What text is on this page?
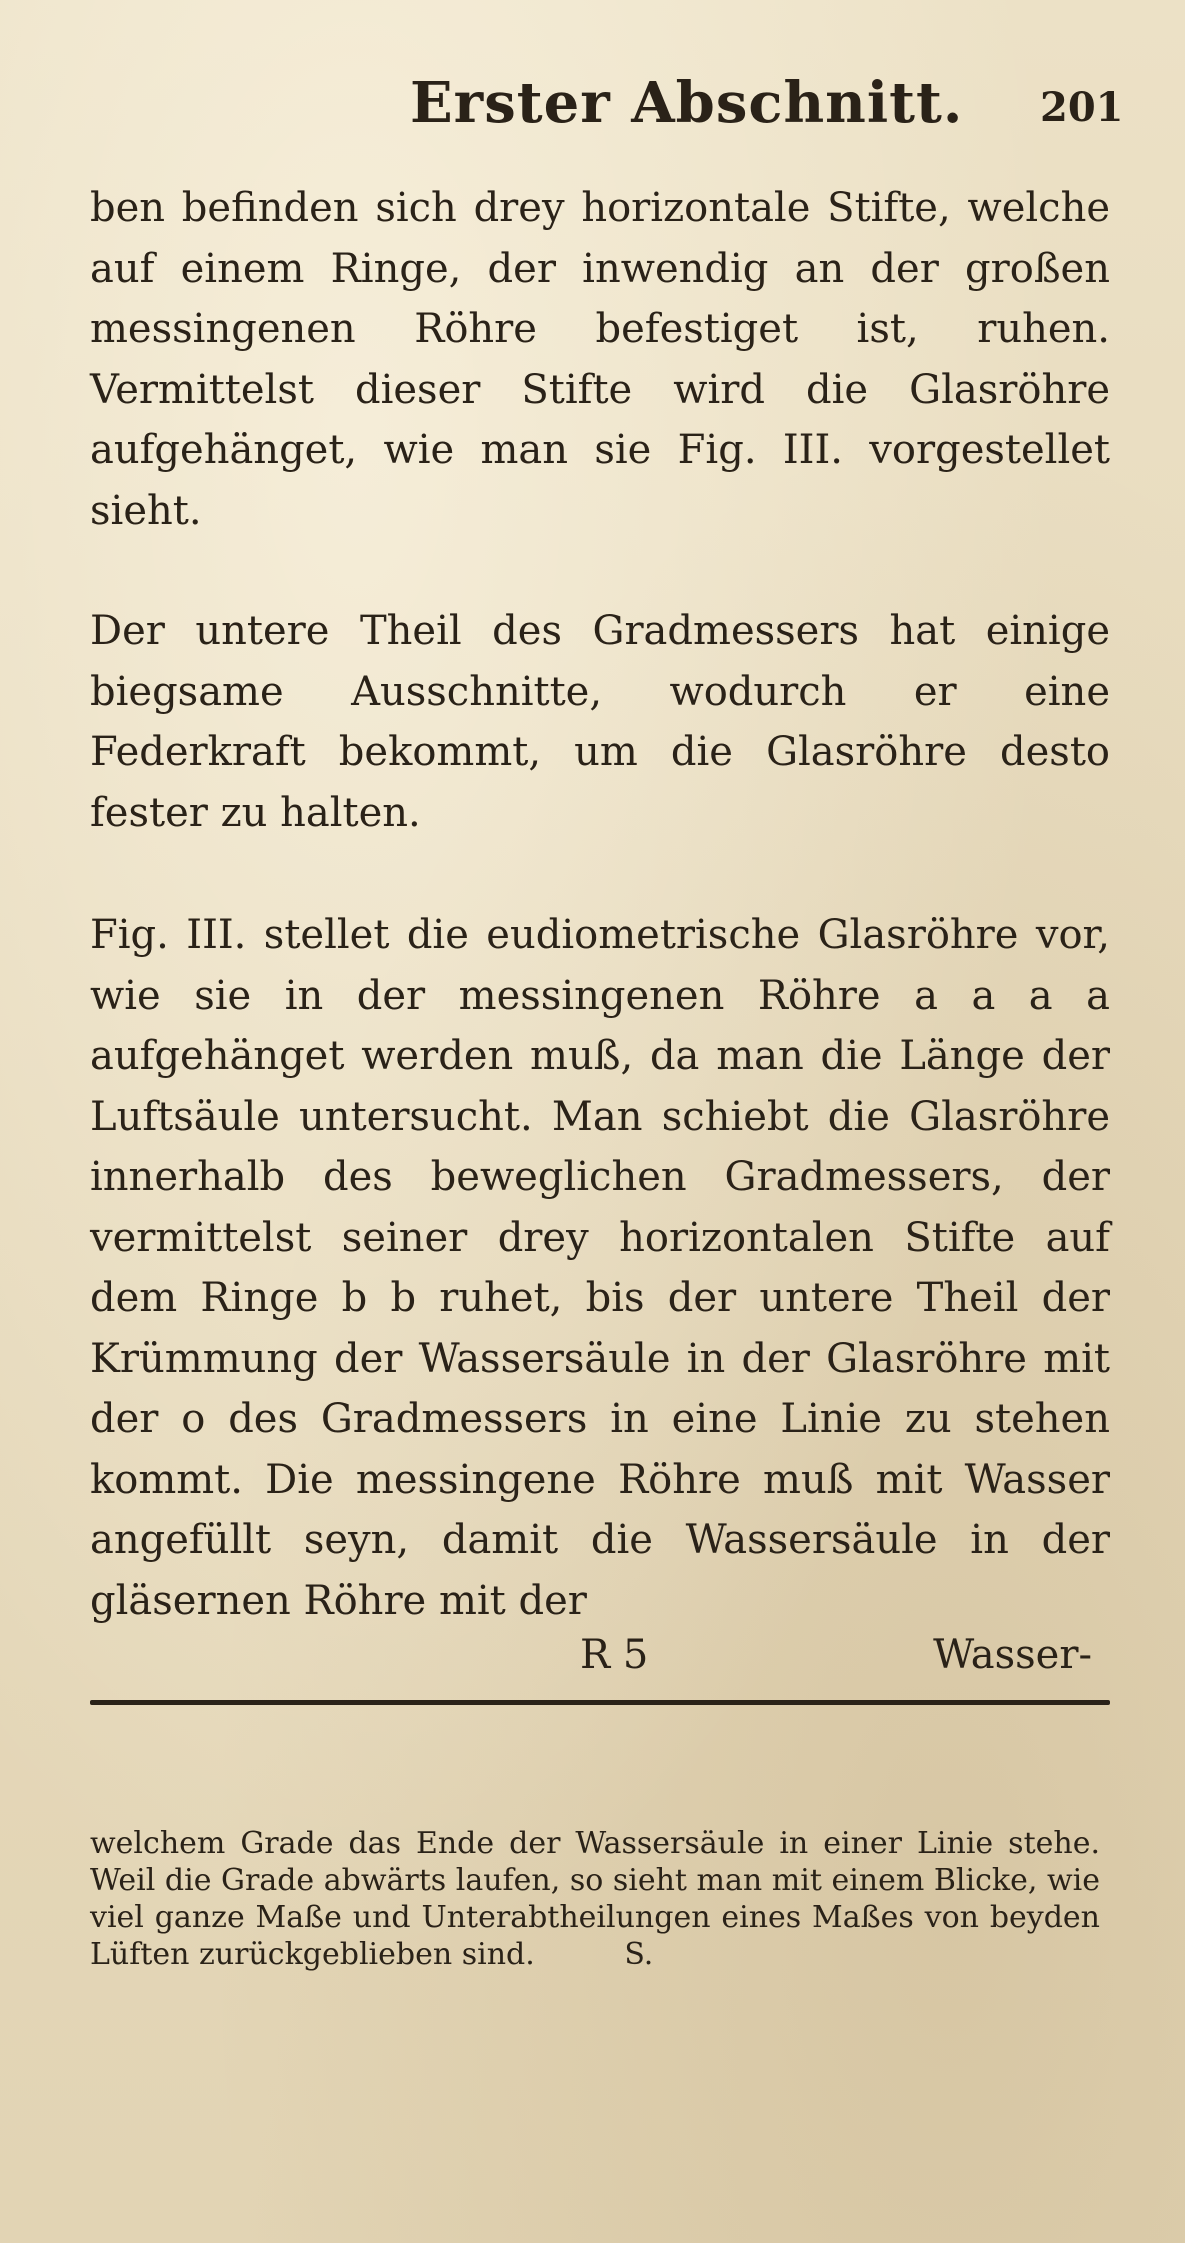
Erster Abschnitt. 201

ben befinden sich drey horizontale Stifte, welche auf einem Ringe, der inwendig an der großen messingenen Röhre befestiget ist, ruhen. Vermittelst dieser Stifte wird die Glasröhre aufgehänget, wie man sie Fig. III. vorgestellet sieht.

Der untere Theil des Gradmessers hat einige biegsame Ausschnitte, wodurch er eine Federkraft bekommt, um die Glasröhre desto fester zu halten.

Fig. III. stellet die eudiometrische Glasröhre vor, wie sie in der messingenen Röhre a a a a aufgehänget werden muß, da man die Länge der Luftsäule untersucht. Man schiebt die Glasröhre innerhalb des beweglichen Gradmessers, der vermittelst seiner drey horizontalen Stifte auf dem Ringe b b ruhet, bis der untere Theil der Krümmung der Wassersäule in der Glasröhre mit der o des Gradmessers in eine Linie zu stehen kommt. Die messingene Röhre muß mit Wasser angefüllt seyn, damit die Wassersäule in der gläsernen Röhre mit der

R 5	Wasser-

welchem Grade das Ende der Wassersäule in einer Linie stehe. Weil die Grade abwärts laufen, so sieht man mit einem Blicke, wie viel ganze Maße und Unterabtheilungen eines Maßes von beyden Lüften zurückgeblieben sind.	S.
